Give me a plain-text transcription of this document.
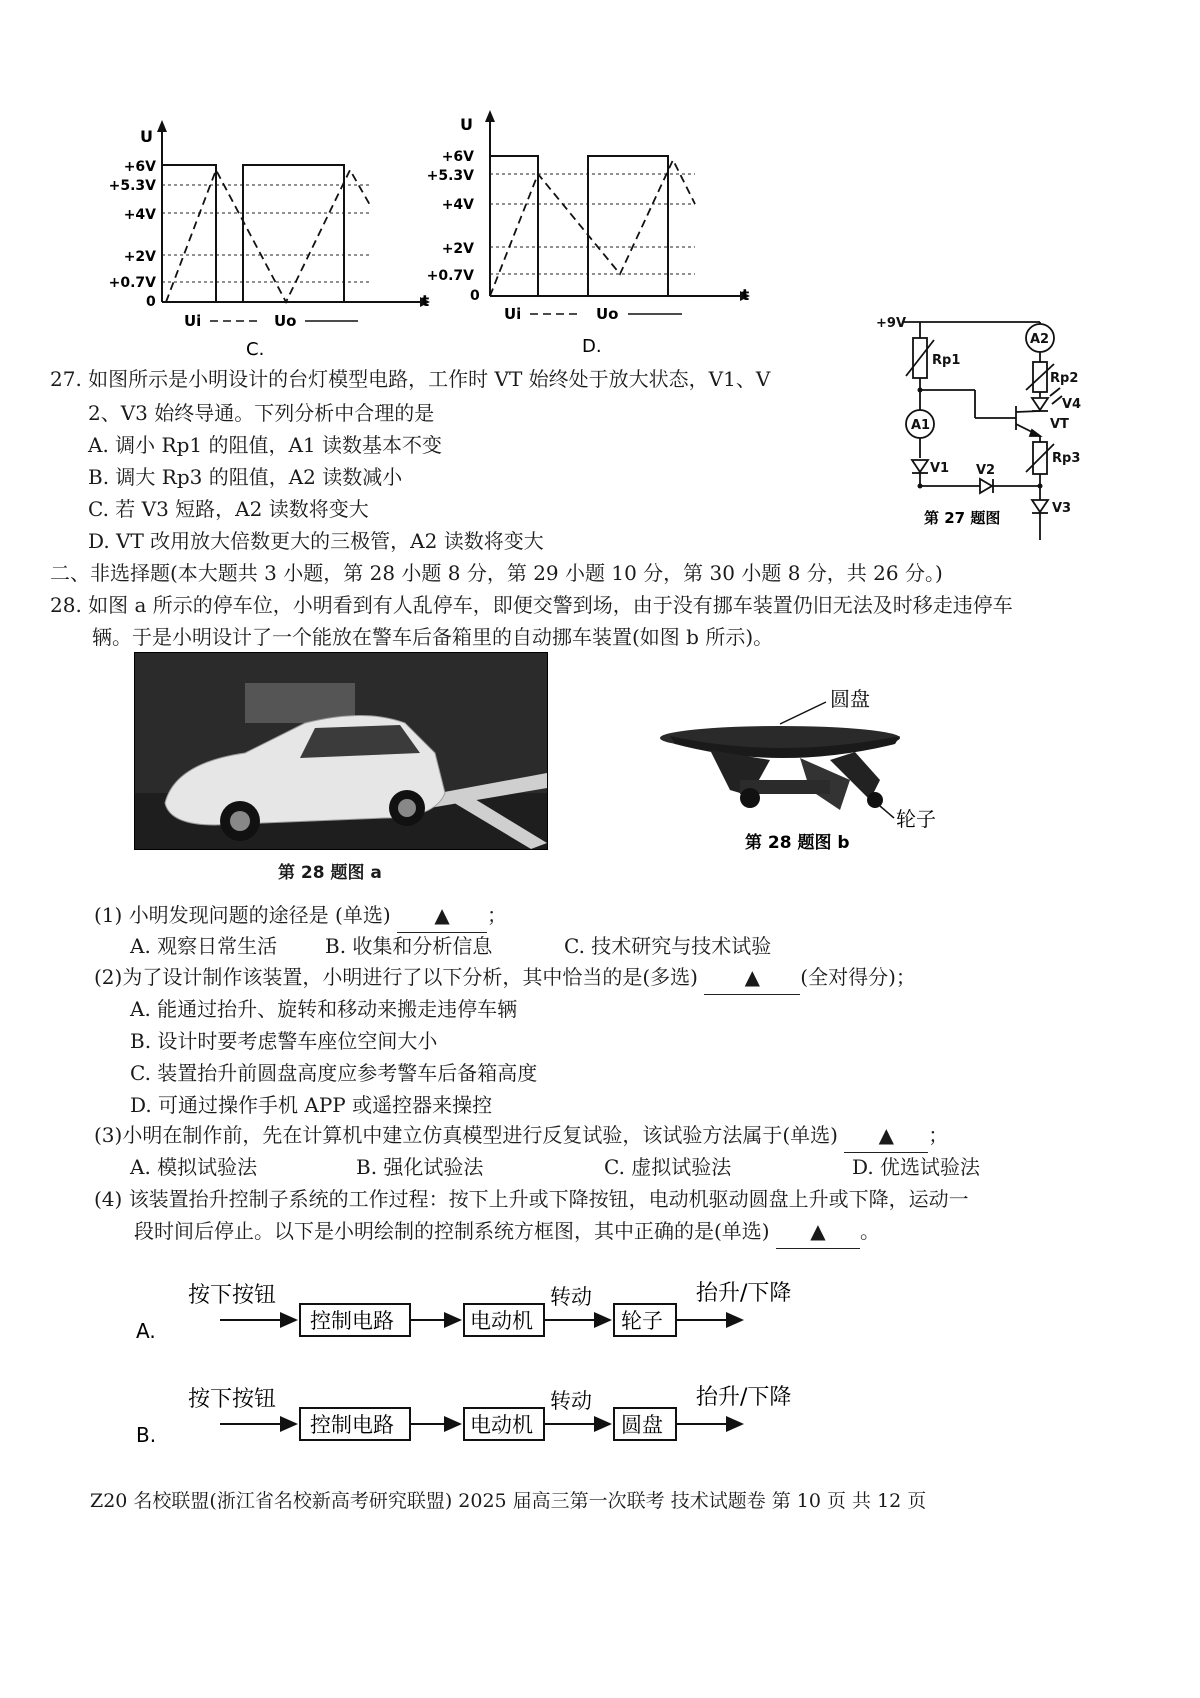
U
t
0
+6V
+5.3V
+4V
+2V
+0.7V
Ui	Uo
C.
U
t
0
+6V
+5.3V
+4V
+2V
+0.7V
Ui	Uo
D.
+9V
Rp1
A1
V1 V2
A2
Rp2
V4
VT
Rp3
V3
第 27 题图
27. 如图所示是小明设计的台灯模型电路，工作时 VT 始终处于放大状态，V1、V
2、V3 始终导通。下列分析中合理的是
A. 调小 Rp1 的阻值，A1 读数基本不变
B. 调大 Rp3 的阻值，A2 读数减小
C. 若 V3 短路，A2 读数将变大
D. VT 改用放大倍数更大的三极管，A2 读数将变大
二、非选择题(本大题共 3 小题，第 28 小题 8 分，第 29 小题 10 分，第 30 小题 8 分，共 26 分。)
28. 如图 a 所示的停车位，小明看到有人乱停车，即便交警到场，由于没有挪车装置仍旧无法及时移走违停车
辆。于是小明设计了一个能放在警车后备箱里的自动挪车装置(如图 b 所示)。
第 28 题图 a
圆盘
轮子
第 28 题图 b
(1) 小明发现问题的途径是 (单选) ▲ ；
A. 观察日常生活 B. 收集和分析信息	C. 技术研究与技术试验
(2)为了设计制作该装置，小明进行了以下分析，其中恰当的是(多选) ▲ (全对得分)；
A. 能通过抬升、旋转和移动来搬走违停车辆
B. 设计时要考虑警车座位空间大小
C. 装置抬升前圆盘高度应参考警车后备箱高度
D. 可通过操作手机 APP 或遥控器来操控
(3)小明在制作前，先在计算机中建立仿真模型进行反复试验，该试验方法属于(单选) ▲ ；
A. 模拟试验法	B. 强化试验法	C. 虚拟试验法	D. 优选试验法
(4) 该装置抬升控制子系统的工作过程：按下上升或下降按钮，电动机驱动圆盘上升或下降，运动一
段时间后停止。以下是小明绘制的控制系统方框图，其中正确的是(单选) ▲ 。
A.
按下按钮
控制电路	电动机
转动
轮子
抬升/下降
B.
按下按钮
控制电路	电动机
转动
圆盘
抬升/下降
Z20 名校联盟(浙江省名校新高考研究联盟) 2025 届高三第一次联考 技术试题卷 第 10 页 共 12 页
